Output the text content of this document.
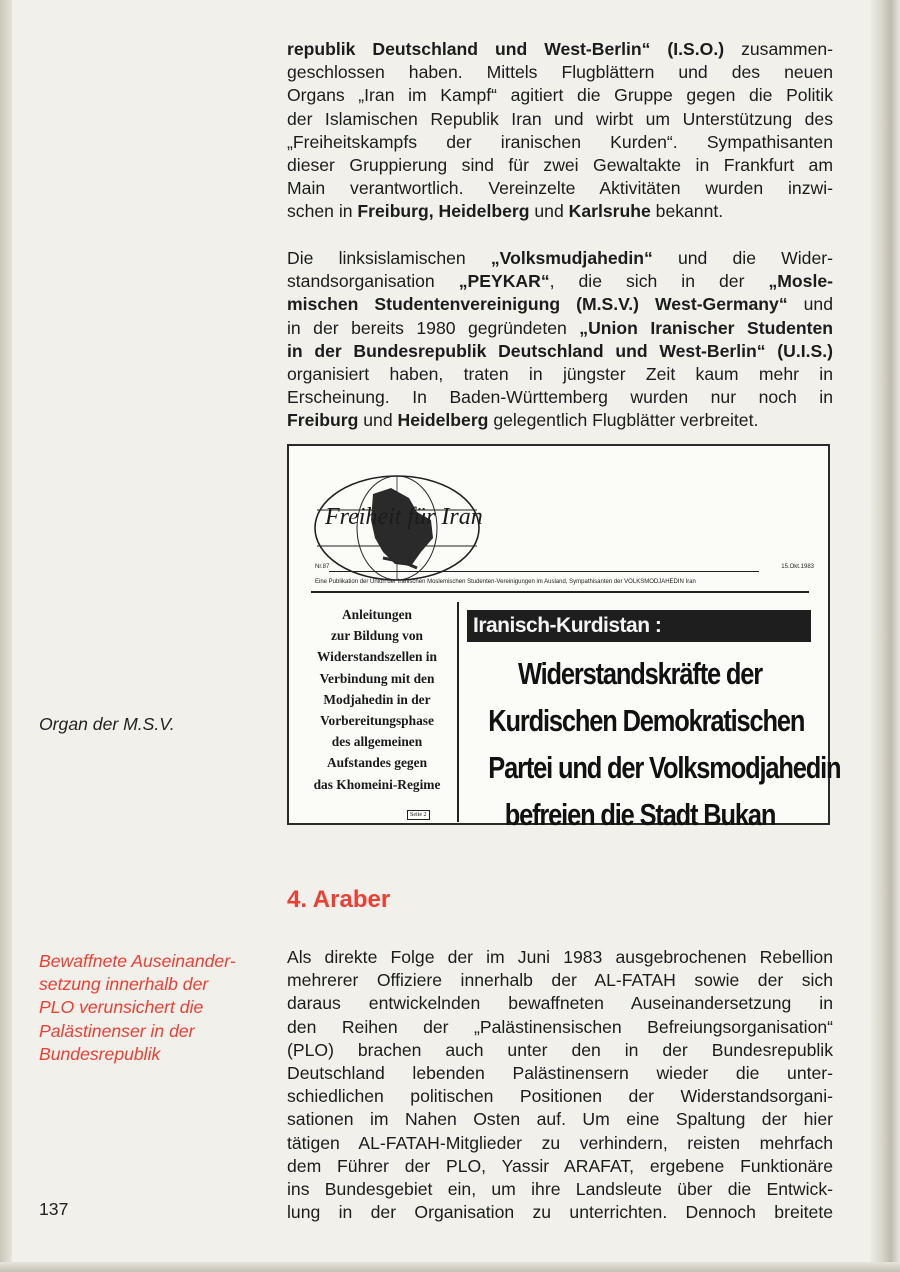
republik Deutschland und West-Berlin“ (I.S.O.) zusammen-
geschlossen haben. Mittels Flugblättern und des neuen
Organs „Iran im Kampf“ agitiert die Gruppe gegen die Politik
der Islamischen Republik Iran und wirbt um Unterstützung des
„Freiheitskampfs der iranischen Kurden“. Sympathisanten
dieser Gruppierung sind für zwei Gewaltakte in Frankfurt am
Main verantwortlich. Vereinzelte Aktivitäten wurden inzwi-
schen in Freiburg, Heidelberg und Karlsruhe bekannt.
Die linksislamischen „Volksmudjahedin“ und die Wider-
standsorganisation „PEYKAR“, die sich in der „Mosle-
mischen Studentenvereinigung (M.S.V.) West-Germany“ und
in der bereits 1980 gegründeten „Union Iranischer Studenten
in der Bundesrepublik Deutschland und West-Berlin“ (U.I.S.)
organisiert haben, traten in jüngster Zeit kaum mehr in
Erscheinung. In Baden-Württemberg wurden nur noch in
Freiburg und Heidelberg gelegentlich Flugblätter verbreitet.
Freiheit für Iran
Nr.87	15.Okt.1983
Eine Publikation der Union der Iranischen Moslemischen Studenten-Vereinigungen im Ausland, Sympathisanten der VOLKSMODJAHEDIN Iran
Anleitungen
zur Bildung von
Widerstandszellen in
Verbindung mit den
Modjahedin in der
Vorbereitungsphase
des allgemeinen
Aufstandes gegen
das Khomeini-Regime
Seite 2
Iranisch-Kurdistan :
Widerstandskräfte der
Kurdischen Demokratischen
Partei und der Volksmodjahedin
befreien die Stadt Bukan
Organ der M.S.V.
4. Araber
Bewaffnete Auseinander-
setzung innerhalb der
PLO verunsichert die
Palästinenser in der
Bundesrepublik
Als direkte Folge der im Juni 1983 ausgebrochenen Rebellion
mehrerer Offiziere innerhalb der AL-FATAH sowie der sich
daraus entwickelnden bewaffneten Auseinandersetzung in
den Reihen der „Palästinensischen Befreiungsorganisation“
(PLO) brachen auch unter den in der Bundesrepublik
Deutschland lebenden Palästinensern wieder die unter-
schiedlichen politischen Positionen der Widerstandsorgani-
sationen im Nahen Osten auf. Um eine Spaltung der hier
tätigen AL-FATAH-Mitglieder zu verhindern, reisten mehrfach
dem Führer der PLO, Yassir ARAFAT, ergebene Funktionäre
ins Bundesgebiet ein, um ihre Landsleute über die Entwick-
lung in der Organisation zu unterrichten. Dennoch breitete
137
